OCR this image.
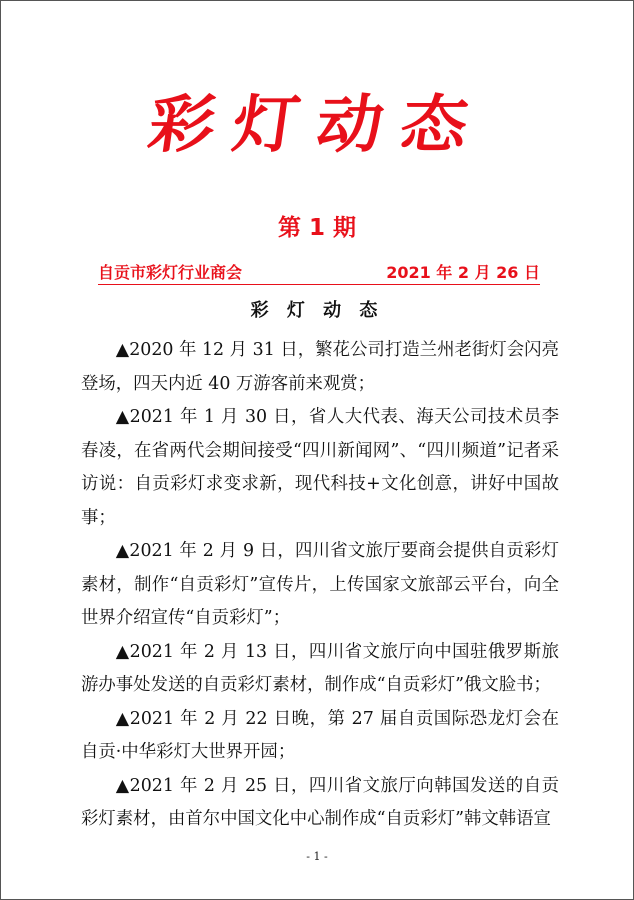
彩灯动态
第 1 期
自贡市彩灯行业商会	2021 年 2 月 26 日
彩 灯 动 态

▲2020 年 12 月 31 日，繁花公司打造兰州老街灯会闪亮登场，四天内近 40 万游客前来观赏；

▲2021 年 1 月 30 日，省人大代表、海天公司技术员李春凌，在省两代会期间接受“四川新闻网”、“四川频道”记者采访说：自贡彩灯求变求新，现代科技+文化创意，讲好中国故事；

▲2021 年 2 月 9 日，四川省文旅厅要商会提供自贡彩灯素材，制作“自贡彩灯”宣传片，上传国家文旅部云平台，向全世界介绍宣传“自贡彩灯”；

▲2021 年 2 月 13 日，四川省文旅厅向中国驻俄罗斯旅游办事处发送的自贡彩灯素材，制作成“自贡彩灯”俄文脸书；

▲2021 年 2 月 22 日晚，第 27 届自贡国际恐龙灯会在自贡·中华彩灯大世界开园；

▲2021 年 2 月 25 日，四川省文旅厅向韩国发送的自贡彩灯素材，由首尔中国文化中心制作成“自贡彩灯”韩文韩语宣

- 1 -
